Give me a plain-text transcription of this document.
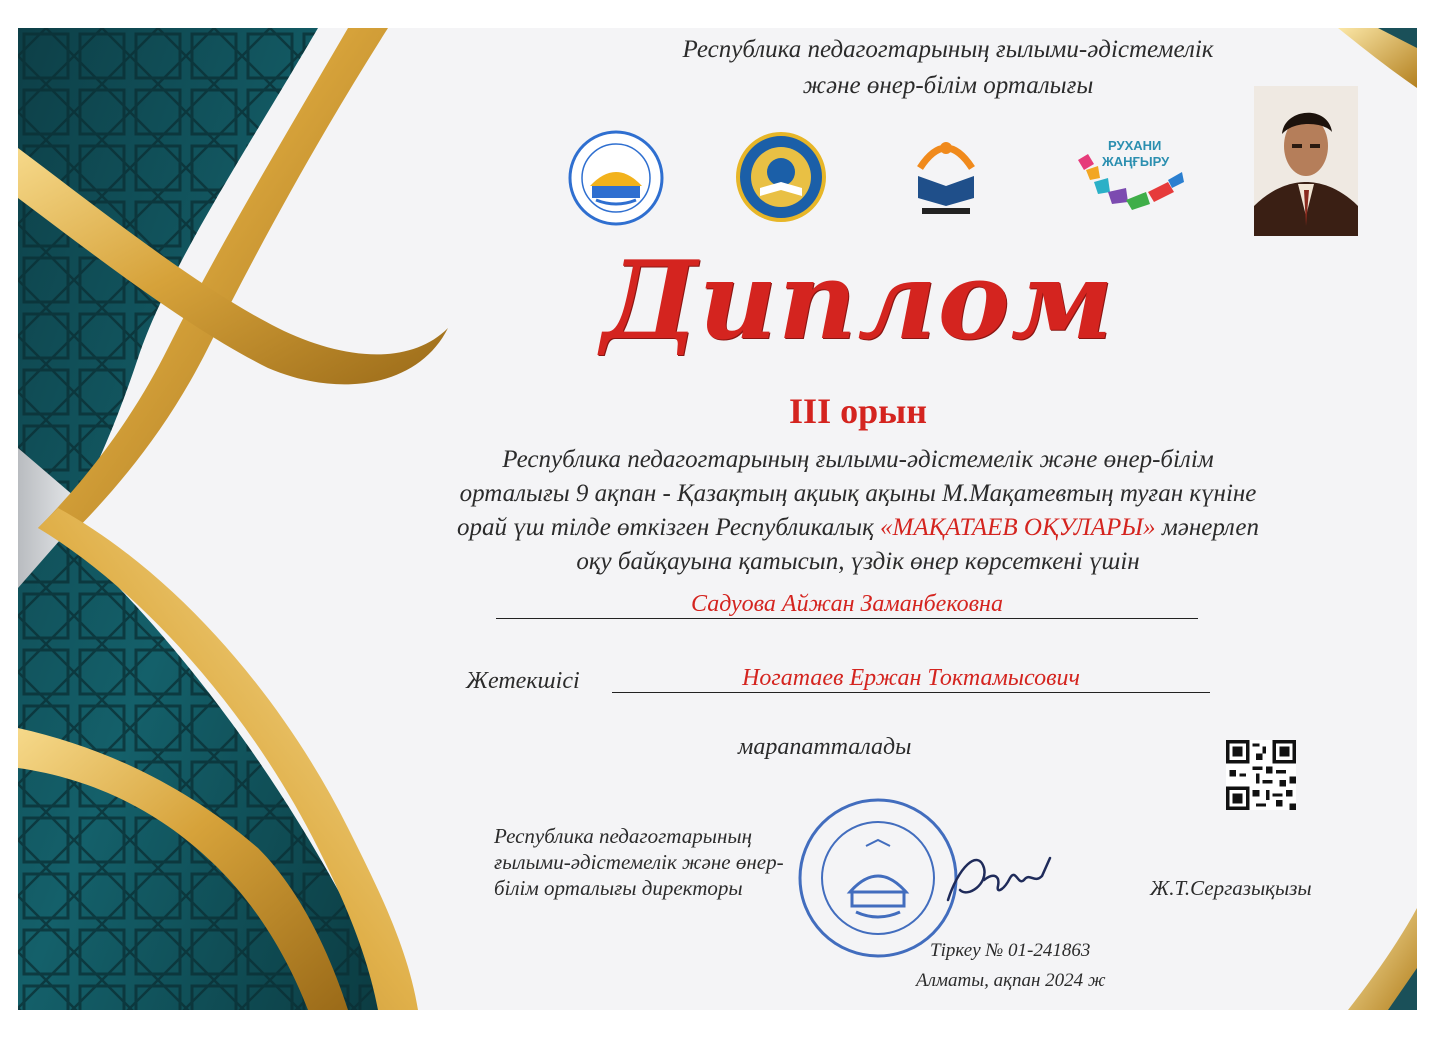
Республика педагогтарының ғылыми-әдістемелік
және өнер-білім орталығы
РУХАНИ
ЖАҢҒЫРУ
Диплом
III орын
Республика педагогтарының ғылыми-әдістемелік және өнер-білім
орталығы 9 ақпан - Қазақтың ақиық ақыны М.Мақатевтың туған күніне
орай үш тілде өткізген Республикалық «МАҚАТАЕВ ОҚУЛАРЫ» мәнерлеп
оқу байқауына қатысып, үздік өнер көрсеткені үшін
Садуова Айжан Заманбековна
Жетекшісі	Ногатаев Ержан Токтамысович
марапатталады
Республика педагогтарының
ғылыми-әдістемелік және өнер-
білім орталығы директоры	Ж.Т.Сергазықызы
Тіркеу № 01-241863
Алматы, ақпан 2024 ж
